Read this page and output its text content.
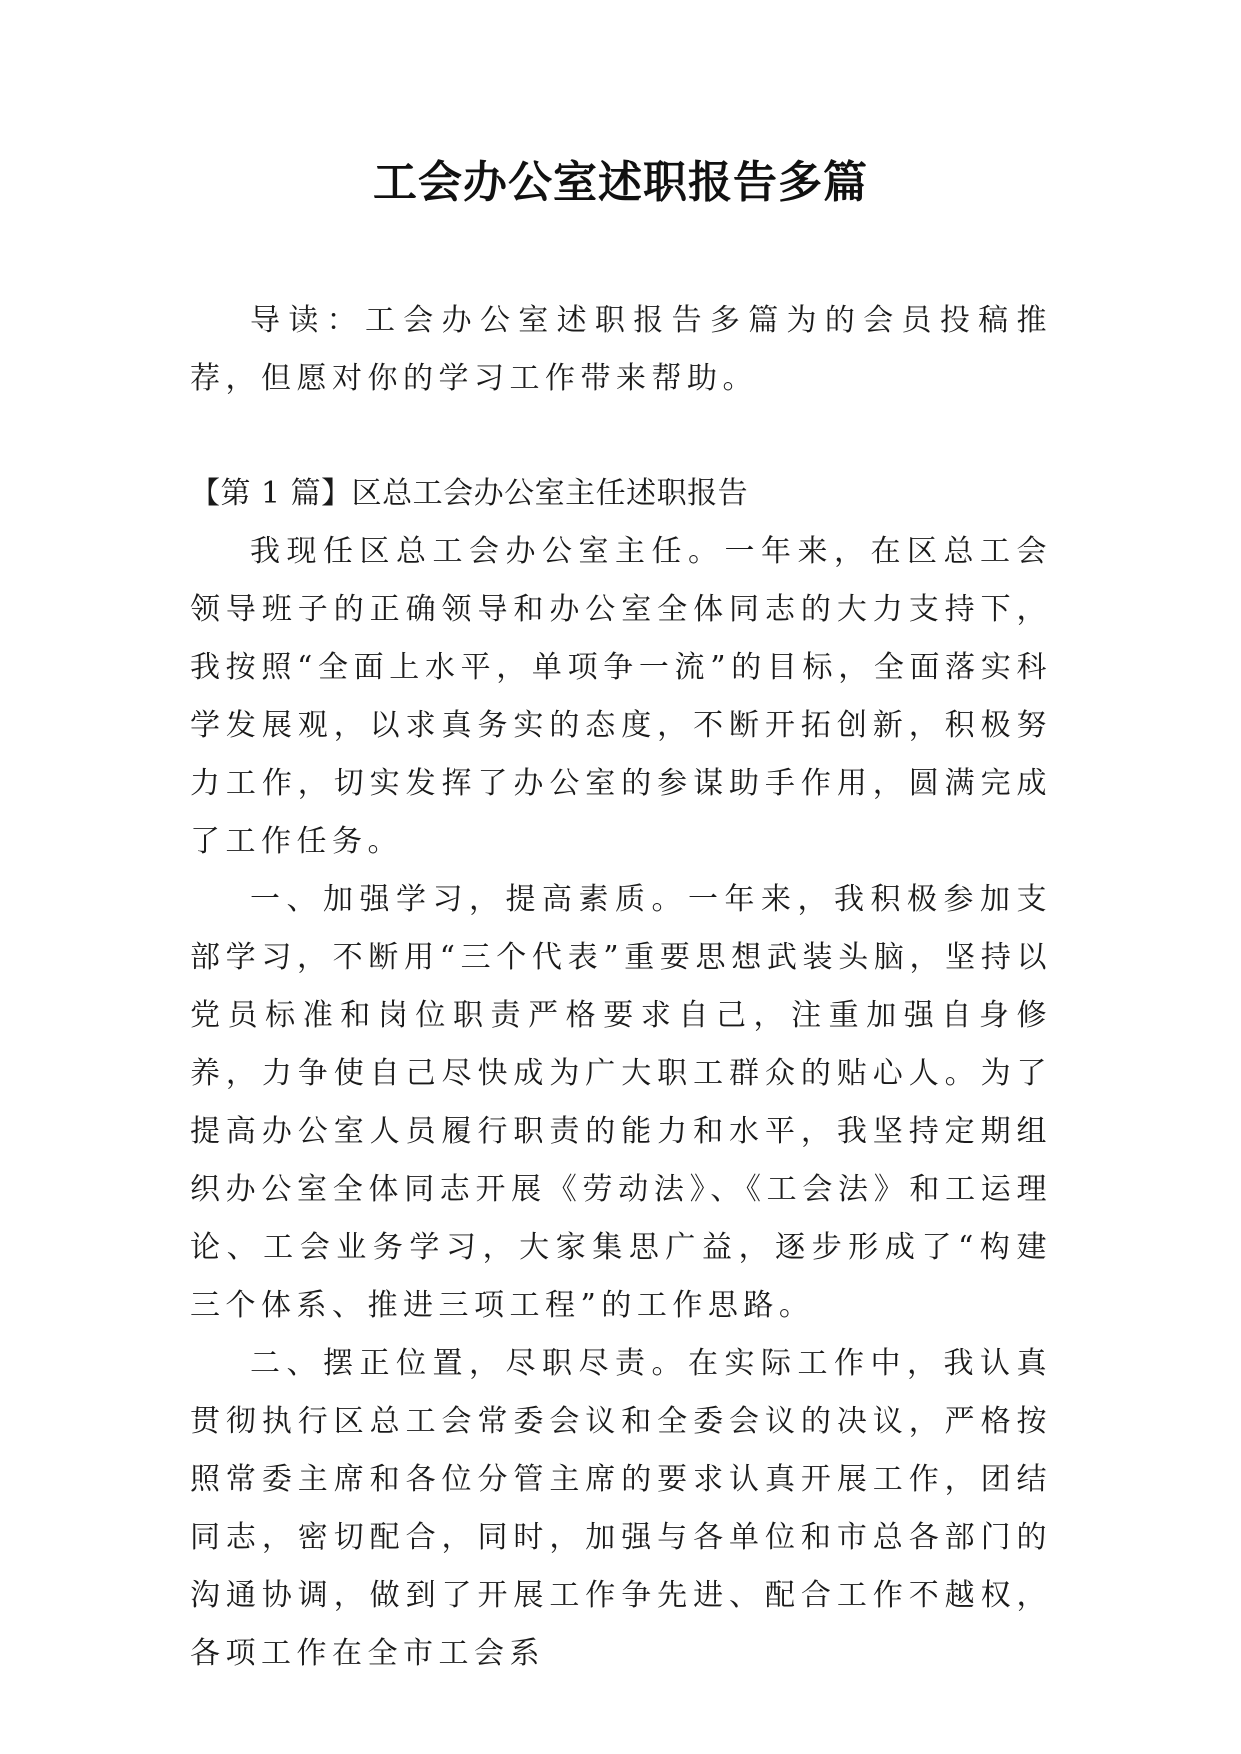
工会办公室述职报告多篇

导读：工会办公室述职报告多篇为的会员投稿推荐，但愿对你的学习工作带来帮助。

【第 1 篇】区总工会办公室主任述职报告

我现任区总工会办公室主任。一年来，在区总工会领导班子的正确领导和办公室全体同志的大力支持下，我按照“全面上水平，单项争一流”的目标，全面落实科学发展观，以求真务实的态度，不断开拓创新，积极努力工作，切实发挥了办公室的参谋助手作用，圆满完成了工作任务。

一、加强学习，提高素质。一年来，我积极参加支部学习，不断用“三个代表”重要思想武装头脑，坚持以党员标准和岗位职责严格要求自己，注重加强自身修养，力争使自己尽快成为广大职工群众的贴心人。为了提高办公室人员履行职责的能力和水平，我坚持定期组织办公室全体同志开展《劳动法》、《工会法》和工运理论、工会业务学习，大家集思广益，逐步形成了“构建三个体系、推进三项工程”的工作思路。

二、摆正位置，尽职尽责。在实际工作中，我认真贯彻执行区总工会常委会议和全委会议的决议，严格按照常委主席和各位分管主席的要求认真开展工作，团结同志，密切配合，同时，加强与各单位和市总各部门的沟通协调，做到了开展工作争先进、配合工作不越权，各项工作在全市工会系
